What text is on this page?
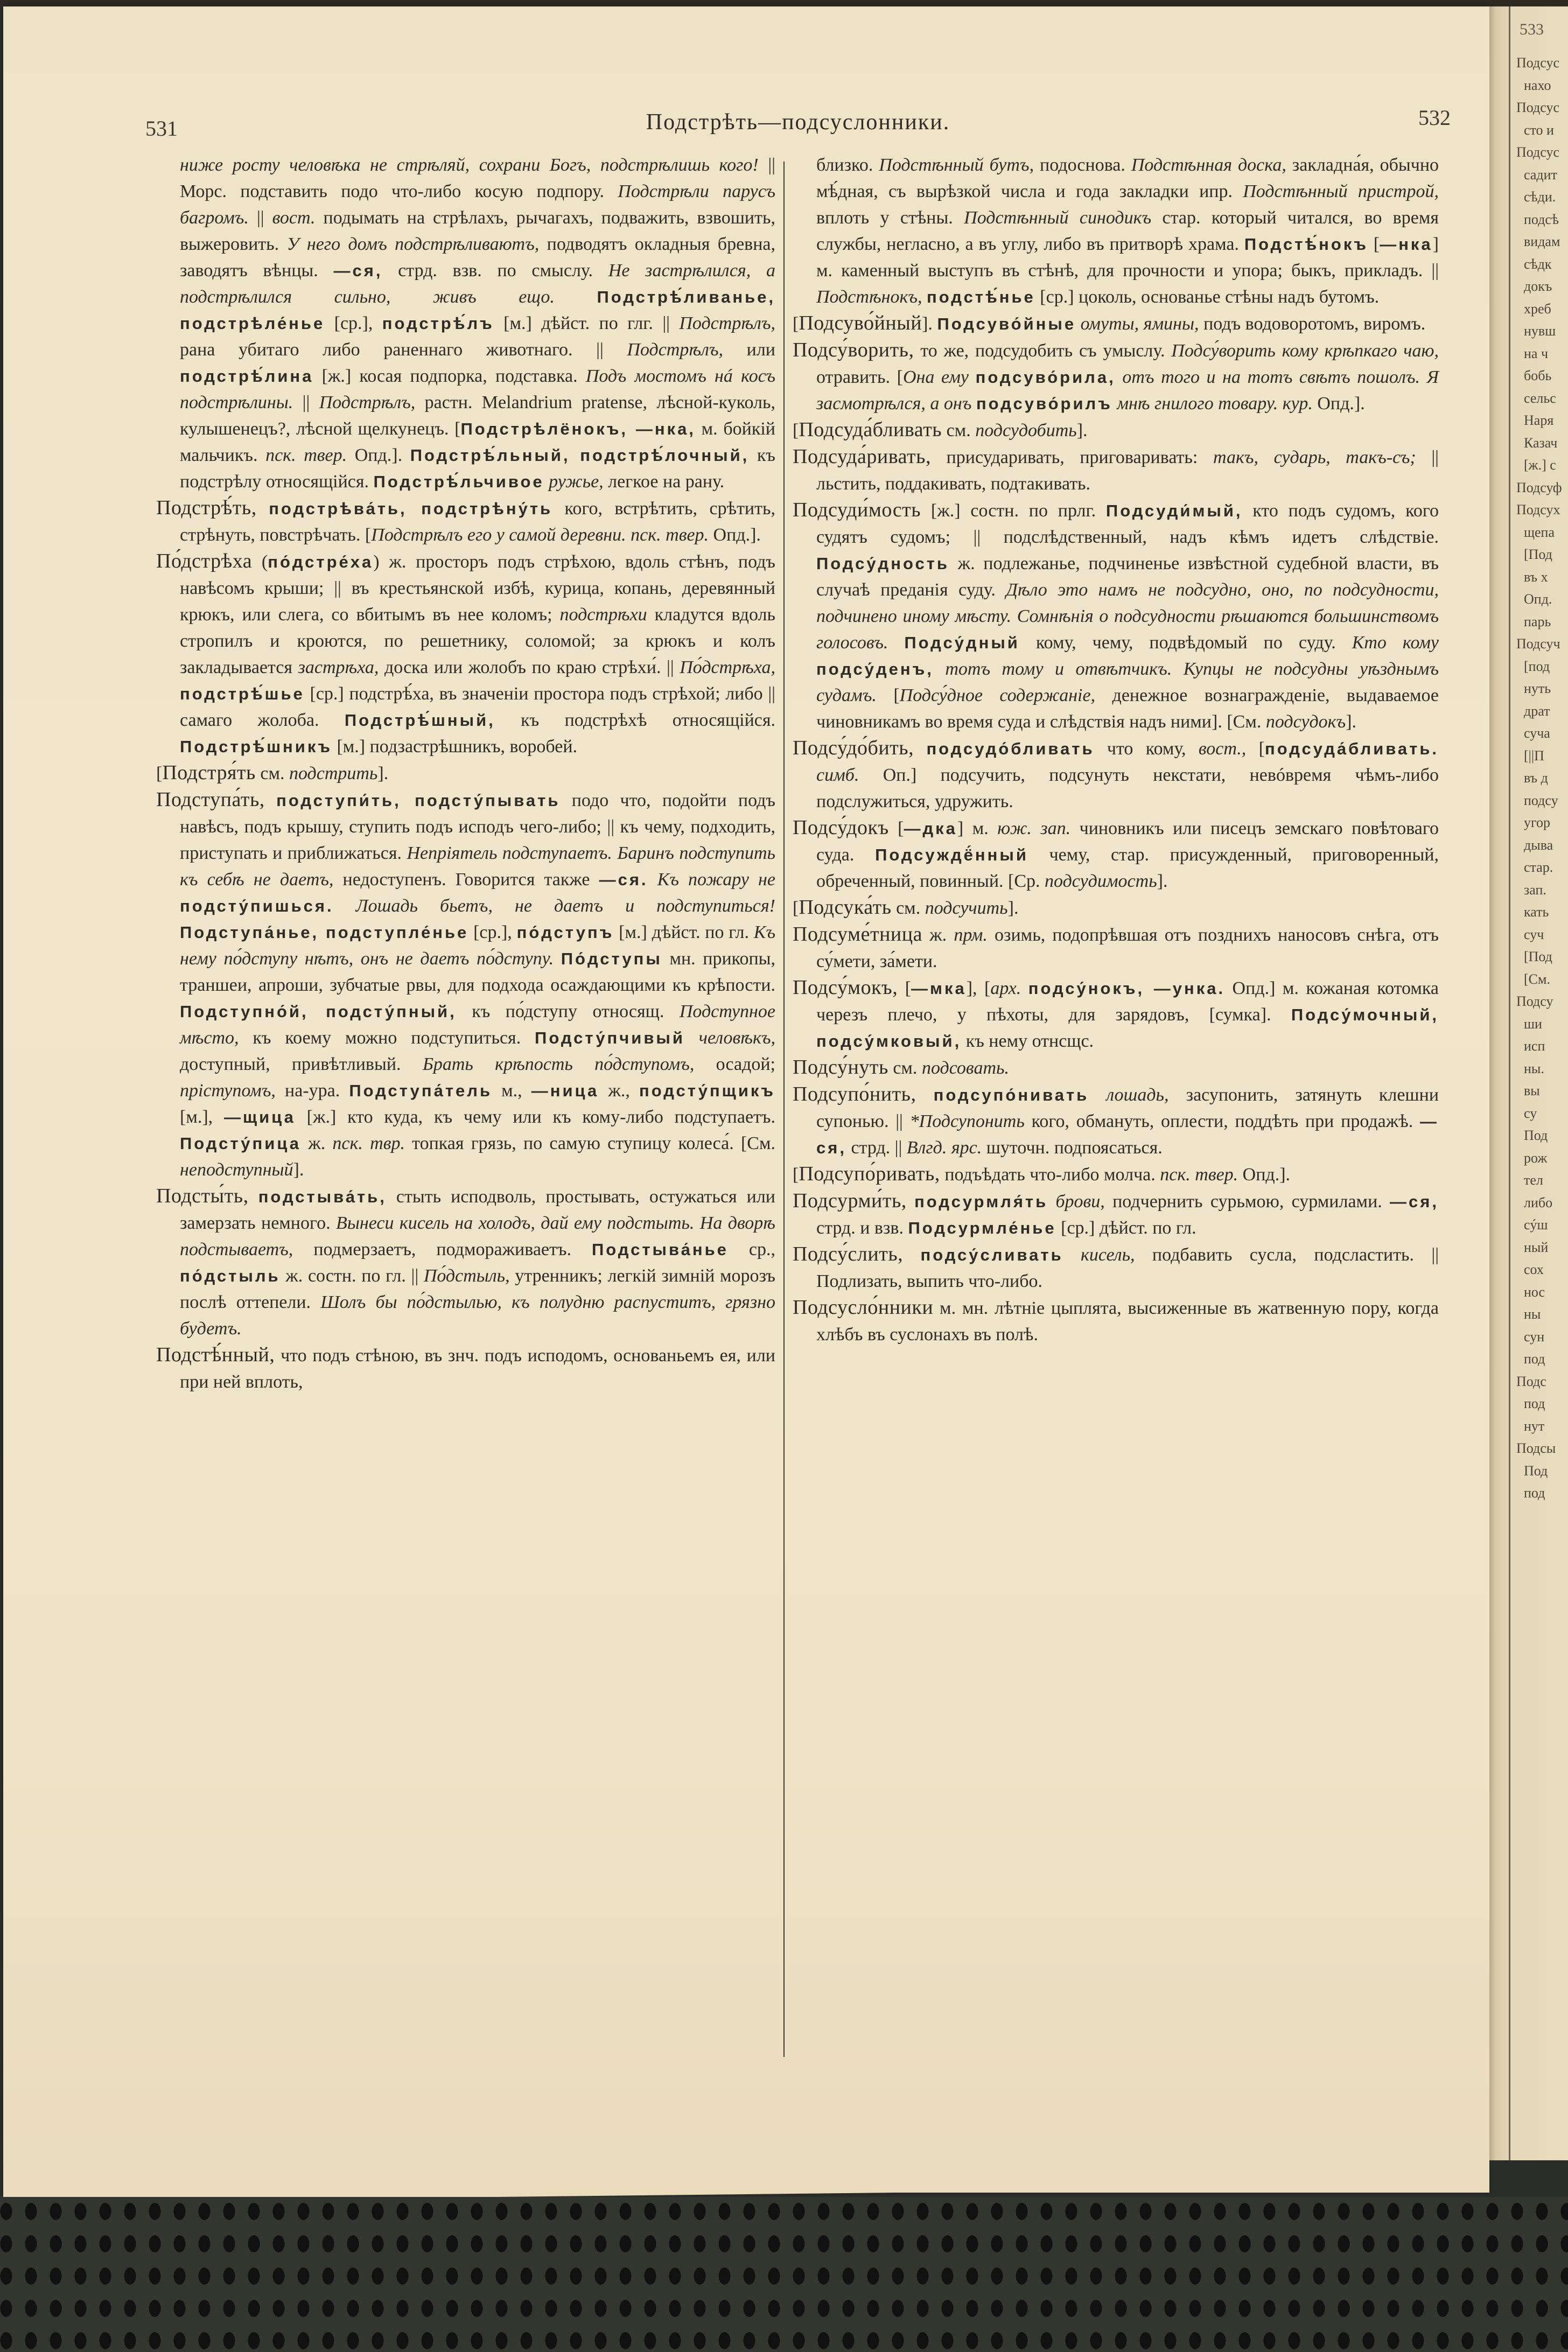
531	Подстрѣть—подсуслонники.	532
ниже росту человѣка не стрѣляй, сохрани Богъ, подстрѣлишь кого! || Морс. подставить подо что-либо косую подпору. Подстрѣли парусъ багромъ. || вост. подымать на стрѣлахъ, рычагахъ, подважить, взвошить, выжеровить. У него домъ подстрѣливаютъ, подводятъ окладныя бревна, заводятъ вѣнцы. —ся, стрд. взв. по смыслу. Не застрѣлился, а подстрѣлился сильно, живъ ещо.	Подстрѣ́ливанье, подстрѣле́нье [ср.], подстрѣ́лъ [м.] дѣйст. по глг. || Подстрѣлъ, рана убитаго либо раненнаго животнаго. || Подстрѣлъ, или подстрѣ́лина [ж.] косая подпорка, подставка. Подъ мостомъ нá косъ подстрѣлины. || Подстрѣлъ, растн. Melandrium pratense, лѣсной-куколь, кулышенецъ?, лѣсной щелкунецъ. [Подстрѣлёнокъ, —нка, м. бойкiй мальчикъ. пск. твер. Опд.]. Подстрѣ́льный, подстрѣ́лочный, къ подстрѣлу относящiйся. Подстрѣ́льчивое ружье, легкое на рану.
Подстрѣ́ть, подстрѣва́ть, подстрѣну́ть кого, встрѣтить, срѣтить, стрѣнуть, повстрѣчать. [Подстрѣлъ его у самой деревни. пск. твер. Опд.].
По́дстрѣха (по́дстре́ха) ж. просторъ подъ стрѣхою, вдоль стѣнъ, подъ навѣсомъ крыши; || въ крестьянской избѣ, курица, копань, деревянный крюкъ, или слега, со вбитымъ въ нее коломъ; подстрѣхи кладутся вдоль стропилъ и кроются, по решетнику, соломой; за крюкъ и колъ закладывается застрѣха, доска или жолобъ по краю стрѣхи́. || По́дстрѣха, подстрѣ́шье [ср.] подстрѣ́ха, въ значенiи простора подъ стрѣхой; либо || самаго жолоба. Подстрѣ́шный, къ подстрѣхѣ относящiйся. Подстрѣ́шникъ [м.] подзастрѣшникъ, воробей.
[Подстря́ть см. подстрить].
Подступа́ть, подступи́ть, подсту́пывать подо что, подойти подъ навѣсъ, подъ крышу, ступить подъ исподъ чего-либо; || къ чему, подходить, приступать и приближаться. Непрiятель подступаетъ. Баринъ подступить къ себѣ не даетъ, недоступенъ. Говорится также —ся. Къ пожару не подсту́пишься. Лошадь бьетъ, не даетъ и подступиться! Подступа́нье, подступле́нье [ср.], по́дступъ [м.] дѣйст. по гл. Къ нему по́дступу нѣтъ, онъ не даетъ по́дступу. По́дступы мн. прикопы, траншеи, апроши, зубчатые рвы, для подхода осаждающими къ крѣпости. Подступно́й, подсту́пный, къ по́дступу относящ. Подступное мѣсто, къ коему можно подступиться. Подсту́пчивый человѣкъ, доступный, привѣтливый. Брать крѣпость по́дступомъ, осадой; прiступомъ, на-ура. Подступа́тель м., —ница ж., подсту́пщикъ [м.], —щица [ж.] кто куда, къ чему или къ кому-либо подступаетъ. Подсту́пица ж. пск. твр. топкая грязь, по самую ступицу колеса́. [См. неподступный].
Подсты́ть, подстыва́ть, стыть исподволь, простывать, остужаться или замерзать немного. Вынеси кисель на холодъ, дай ему подстыть. На дворѣ подстываетъ, подмерзаетъ, подмораживаетъ. Подстыва́нье ср., по́дстыль ж. состн. по гл. || По́дстыль, утренникъ; легкiй зимнiй морозъ послѣ оттепели. Шолъ бы по́дстылью, къ полудню распуститъ, грязно будетъ.
Подстѣ́нный, что подъ стѣною, въ знч. подъ исподомъ, основаньемъ ея, или при ней вплоть,
близко. Подстѣнный бутъ, подоснова. Подстѣнная доска, закладна́я, обычно мѣ́дная, съ вырѣзкой числа и года закладки ипр. Подстѣнный пристрой, вплоть у стѣны. Подстѣнный синодикъ стар. который читался, во время службы, негласно, а въ углу, либо въ притворѣ храма. Подстѣ́нокъ [—нка] м. каменный выступъ въ стѣнѣ, для прочности и упора; быкъ, прикладъ. || Подстѣнокъ, подстѣ́нье [ср.] цоколь, основанье стѣны надъ бутомъ.
[Подсуво́йный]. Подсуво́йные омуты, ямины, подъ водоворотомъ, виромъ.
Подсу́ворить, то же, подсудобить съ умыслу. Подсу́ворить кому крѣпкаго чаю, отравить. [Она ему подсуво́рила, отъ того и на тотъ свѣтъ пошолъ. Я засмотрѣлся, а онъ подсуво́рилъ мнѣ гнилого товару. кур. Опд.].
[Подсуда́бливать см. подсудобить].
Подсуда́ривать, присударивать, приговаривать: такъ, сударь, такъ-съ; || льстить, поддакивать, подтакивать.
Подсуди́мость [ж.] состн. по прлг. Подсуди́мый, кто подъ судомъ, кого судятъ судомъ; || подслѣдственный, надъ кѣмъ идетъ слѣдствiе. Подсу́дность ж. подлежанье, подчиненье извѣстной судебной власти, въ случаѣ преданiя суду. Дѣло это намъ не подсудно, оно, по подсудности, подчинено иному мѣсту. Сомнѣнiя о подсудности рѣшаются большинствомъ голосовъ. Подсу́дный кому, чему, подвѣдомый по суду. Кто кому подсу́денъ, тотъ тому и отвѣтчикъ. Купцы не подсудны уѣзднымъ судамъ. [Подсу́дное содержанiе, денежное вознагражденiе, выдаваемое чиновникамъ во время суда и слѣдствiя надъ ними]. [См. подсудокъ].
Подсу́до́бить, подсудо́бливать что кому, вост., [подсуда́бливать. симб. Оп.] подсучить, подсунуть некстати, невóвремя чѣмъ-либо подслужиться, удружить.
Подсу́докъ [—дка] м. юж. зап. чиновникъ или писецъ земскаго повѣтоваго суда. Подсуждё́нный чему, стар. присужденный, приговоренный, обреченный, повинный. [Ср. подсудимость].
[Подсука́ть см. подсучить].
Подсуме́тница ж. прм. озимь, подопрѣвшая отъ позднихъ наносовъ снѣга, отъ су́мети, за́мети.
Подсу́мокъ, [—мка], [арх. подсу́нокъ, —унка. Опд.] м. кожаная котомка черезъ плечо, у пѣхоты, для зарядовъ, [сумка]. Подсу́мочный, подсу́мковый, къ нему отнсщс.
Подсу́нуть см. подсовать.
Подсупо́нить, подсупо́нивать лошадь, засупонить, затянуть клешни супонью. || *Подсупонить кого, обмануть, оплести, поддѣть при продажѣ. —ся, стрд. || Влгд. ярс. шуточн. подпоясаться.
[Подсупо́ривать, подъѣдать что-либо молча. пск. твер. Опд.].
Подсурми́ть, подсурмля́ть брови, подчернить сурьмою, сурмилами. —ся, стрд. и взв. Подсурмле́нье [ср.] дѣйст. по гл.
Подсу́слить, подсу́сливать кисель, подбавить сусла, подсластить. || Подлизать, выпить что-либо.
Подсусло́нники м. мн. лѣтнiе цыплята, высиженные въ жатвенную пору, когда хлѣбъ въ суслонахъ въ полѣ.
533
Подсус
нахо
Подсус
сто и
Подсус
садит
сѣди.
подсѣ
видам
сѣдк
докъ
хреб
нувш
на ч
бобь
сельс
Наря
Казач
[ж.] с
Подсуф
Подсух
щепа
[Под
въ х
Опд.
парь
Подсуч
[под
нуть
драт
суча
[||П
въ д
подсу
угор
дыва
стар.
зап.
кать
суч
[Под
[См.
Подсу
ши
исп
ны.
вы
су
Под
рож
тел
либо
сýш
ный
сох
нос
ны
сун
под
Подс
под
нут
Подсы
Под
под
